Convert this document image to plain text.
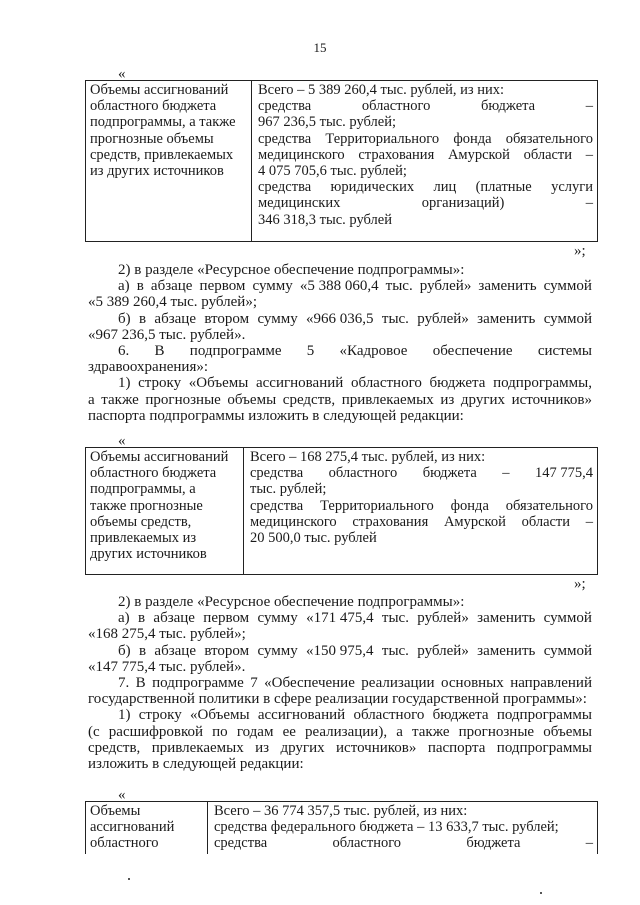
15
«
Объемы ассигнований
областного бюджета
подпрограммы, а также
прогнозные объемы
средств, привлекаемых
из других источников
Всего – 5 389 260,4 тыс. рублей, из них:
средства	областного	бюджета	–
967 236,5 тыс. рублей;
средства Территориального фонда обязательного
медицинского страхования Амурской области –
4 075 705,6 тыс. рублей;
средства юридических лиц (платные услуги
медицинских	организаций)	–
346 318,3 тыс. рублей
»;
2) в разделе «Ресурсное обеспечение подпрограммы»:
а) в абзаце первом сумму «5 388 060,4 тыс. рублей» заменить суммой
«5 389 260,4 тыс. рублей»;
б) в абзаце втором сумму «966 036,5 тыс. рублей» заменить суммой
«967 236,5 тыс. рублей».
6. В подпрограмме 5 «Кадровое обеспечение системы
здравоохранения»:
1) строку «Объемы ассигнований областного бюджета подпрограммы,
а также прогнозные объемы средств, привлекаемых из других источников»
паспорта подпрограммы изложить в следующей редакции:
«
Объемы ассигнований
областного бюджета
подпрограммы, а
также прогнозные
объемы средств,
привлекаемых из
других источников
Всего – 168 275,4 тыс. рублей, из них:
средства областного бюджета – 147 775,4
тыс. рублей;
средства Территориального фонда обязательного
медицинского страхования Амурской области –
20 500,0 тыс. рублей
»;
2) в разделе «Ресурсное обеспечение подпрограммы»:
а) в абзаце первом сумму «171 475,4 тыс. рублей» заменить суммой
«168 275,4 тыс. рублей»;
б) в абзаце втором сумму «150 975,4 тыс. рублей» заменить суммой
«147 775,4 тыс. рублей».
7. В подпрограмме 7 «Обеспечение реализации основных направлений
государственной политики в сфере реализации государственной программы»:
1) строку «Объемы ассигнований областного бюджета подпрограммы
(с расшифровкой по годам ее реализации), а также прогнозные объемы
средств, привлекаемых из других источников» паспорта подпрограммы
изложить в следующей редакции:
«
Объемы
ассигнований
областного
Всего – 36 774 357,5 тыс. рублей, из них:
средства федерального бюджета – 13 633,7 тыс. рублей;
средства	областного	бюджета	–
